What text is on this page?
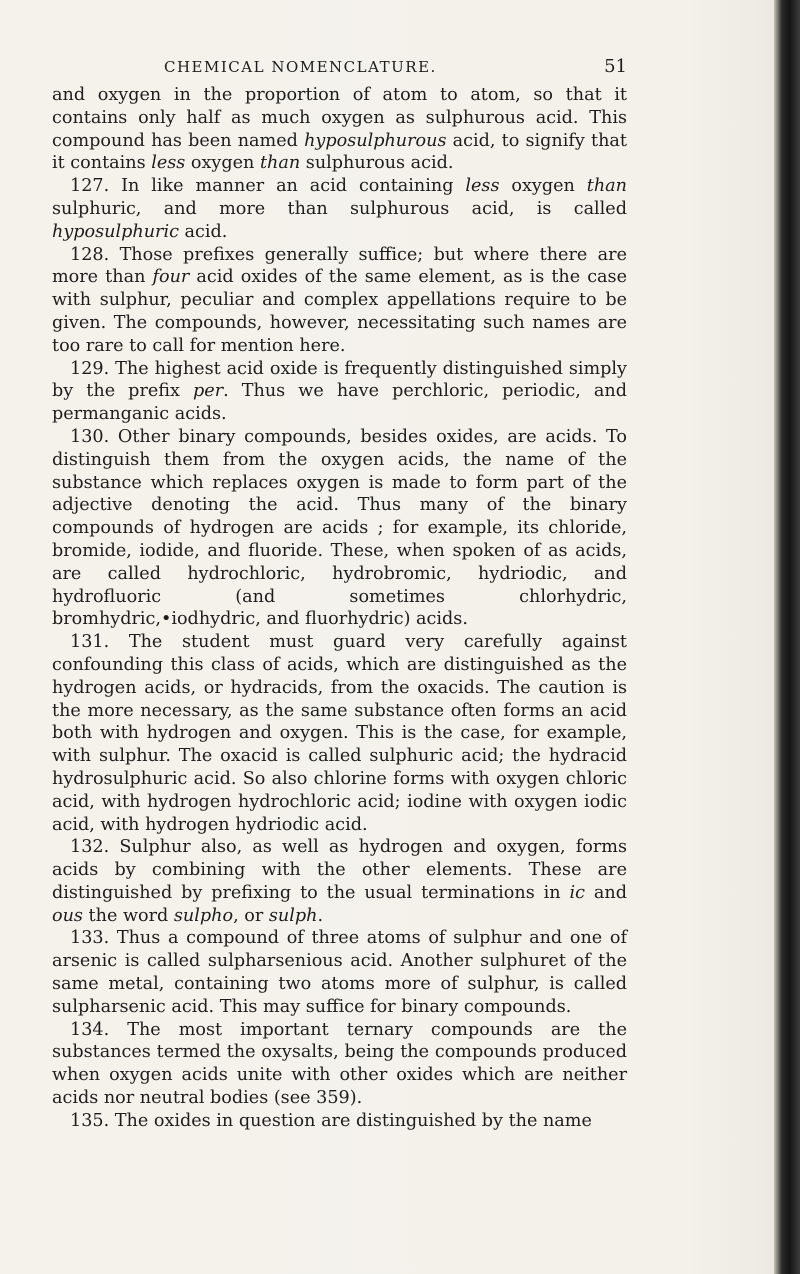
CHEMICAL NOMENCLATURE.	51

and oxygen in the proportion of atom to atom, so that it contains only half as much oxygen as sulphurous acid. This compound has been named hyposulphurous acid, to signify that it contains less oxygen than sulphurous acid.

127. In like manner an acid containing less oxygen than sulphuric, and more than sulphurous acid, is called hyposulphuric acid.

128. Those prefixes generally suffice; but where there are more than four acid oxides of the same element, as is the case with sulphur, peculiar and complex appellations require to be given. The compounds, however, necessitating such names are too rare to call for mention here.

129. The highest acid oxide is frequently distinguished simply by the prefix per. Thus we have perchloric, periodic, and permanganic acids.

130. Other binary compounds, besides oxides, are acids. To distinguish them from the oxygen acids, the name of the substance which replaces oxygen is made to form part of the adjective denoting the acid. Thus many of the binary compounds of hydrogen are acids ; for example, its chloride, bromide, iodide, and fluoride. These, when spoken of as acids, are called hydrochloric, hydrobromic, hydriodic, and hydrofluoric (and sometimes chlorhydric, bromhydric,•iodhydric, and fluorhydric) acids.

131. The student must guard very carefully against confounding this class of acids, which are distinguished as the hydrogen acids, or hydracids, from the oxacids. The caution is the more necessary, as the same substance often forms an acid both with hydrogen and oxygen. This is the case, for example, with sulphur. The oxacid is called sulphuric acid; the hydracid hydrosulphuric acid. So also chlorine forms with oxygen chloric acid, with hydrogen hydrochloric acid; iodine with oxygen iodic acid, with hydrogen hydriodic acid.

132. Sulphur also, as well as hydrogen and oxygen, forms acids by combining with the other elements. These are distinguished by prefixing to the usual terminations in ic and ous the word sulpho, or sulph.

133. Thus a compound of three atoms of sulphur and one of arsenic is called sulpharsenious acid. Another sulphuret of the same metal, containing two atoms more of sulphur, is called sulpharsenic acid. This may suffice for binary compounds.

134. The most important ternary compounds are the substances termed the oxysalts, being the compounds produced when oxygen acids unite with other oxides which are neither acids nor neutral bodies (see 359).

135. The oxides in question are distinguished by the name
